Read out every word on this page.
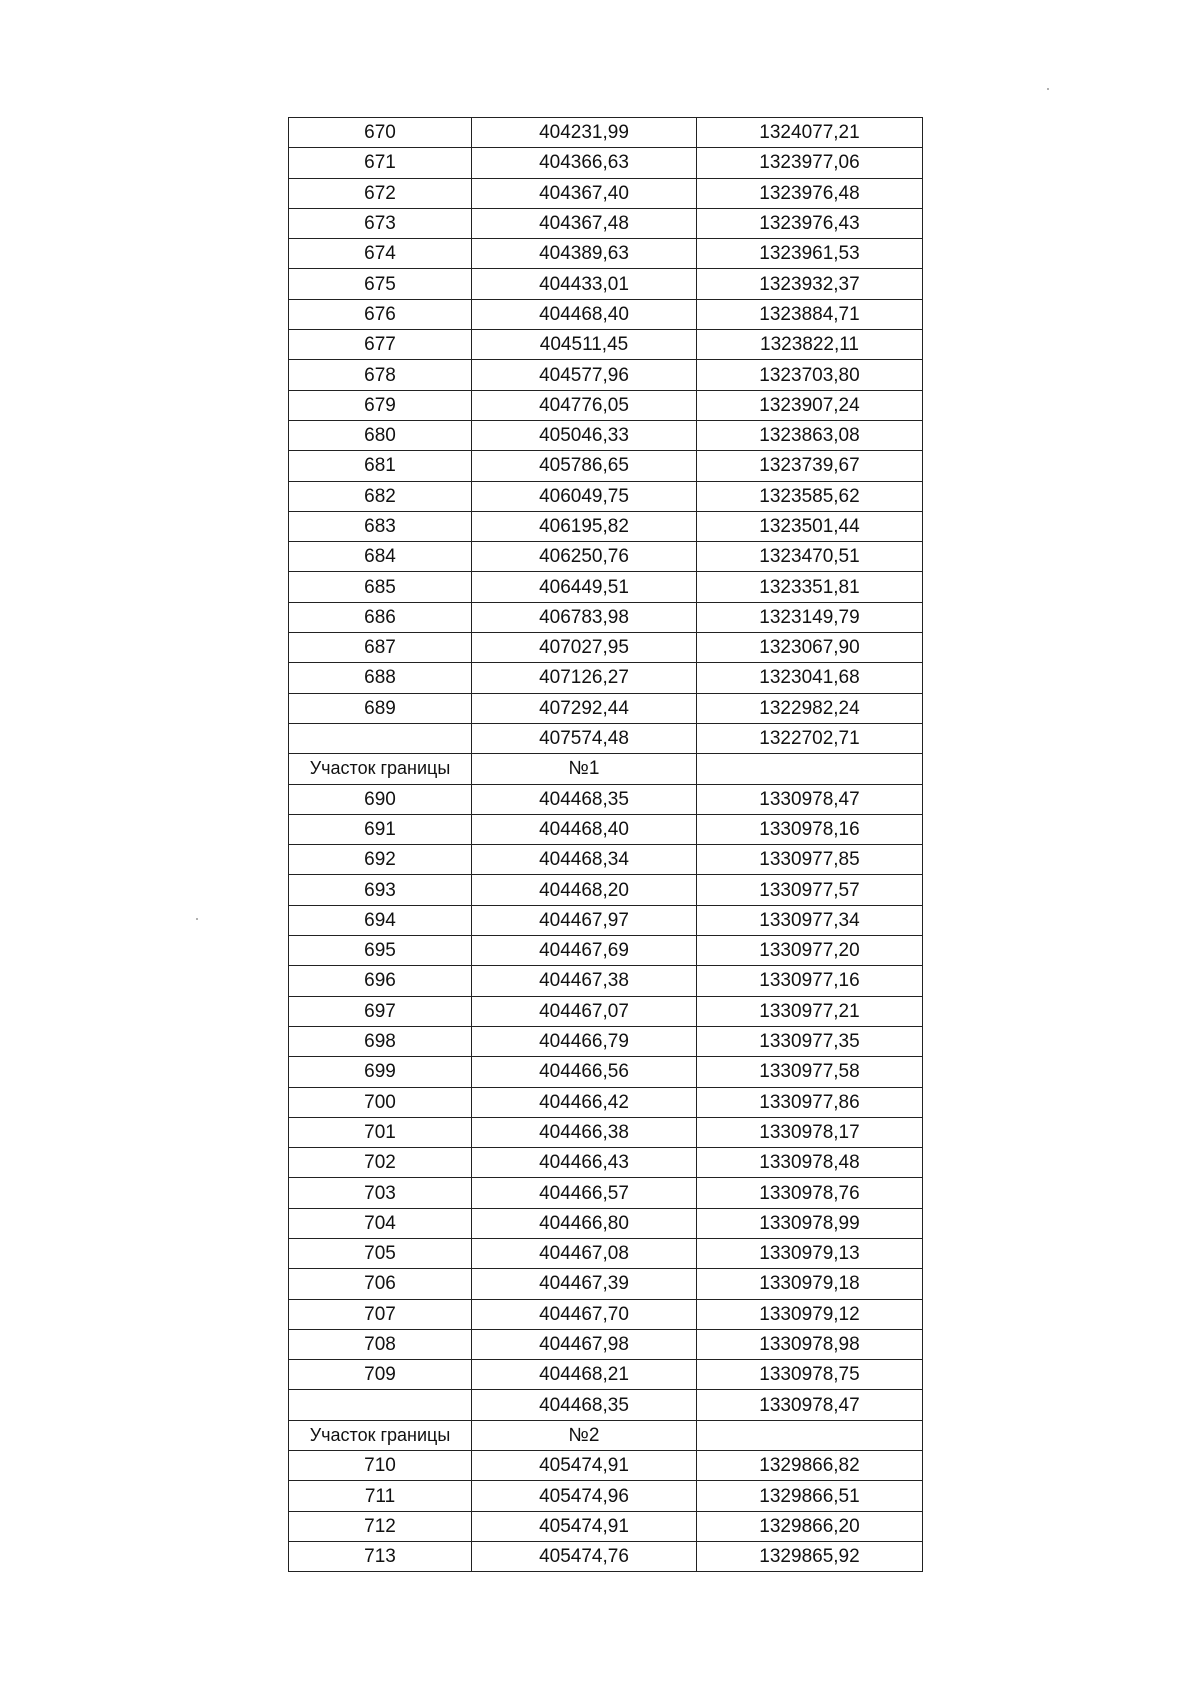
670	404231,99	1324077,21
671	404366,63	1323977,06
672	404367,40	1323976,48
673	404367,48	1323976,43
674	404389,63	1323961,53
675	404433,01	1323932,37
676	404468,40	1323884,71
677	404511,45	1323822,11
678	404577,96	1323703,80
679	404776,05	1323907,24
680	405046,33	1323863,08
681	405786,65	1323739,67
682	406049,75	1323585,62
683	406195,82	1323501,44
684	406250,76	1323470,51
685	406449,51	1323351,81
686	406783,98	1323149,79
687	407027,95	1323067,90
688	407126,27	1323041,68
689	407292,44	1322982,24
	407574,48	1322702,71
Участок границы	№1	
690	404468,35	1330978,47
691	404468,40	1330978,16
692	404468,34	1330977,85
693	404468,20	1330977,57
694	404467,97	1330977,34
695	404467,69	1330977,20
696	404467,38	1330977,16
697	404467,07	1330977,21
698	404466,79	1330977,35
699	404466,56	1330977,58
700	404466,42	1330977,86
701	404466,38	1330978,17
702	404466,43	1330978,48
703	404466,57	1330978,76
704	404466,80	1330978,99
705	404467,08	1330979,13
706	404467,39	1330979,18
707	404467,70	1330979,12
708	404467,98	1330978,98
709	404468,21	1330978,75
	404468,35	1330978,47
Участок границы	№2	
710	405474,91	1329866,82
711	405474,96	1329866,51
712	405474,91	1329866,20
713	405474,76	1329865,92
